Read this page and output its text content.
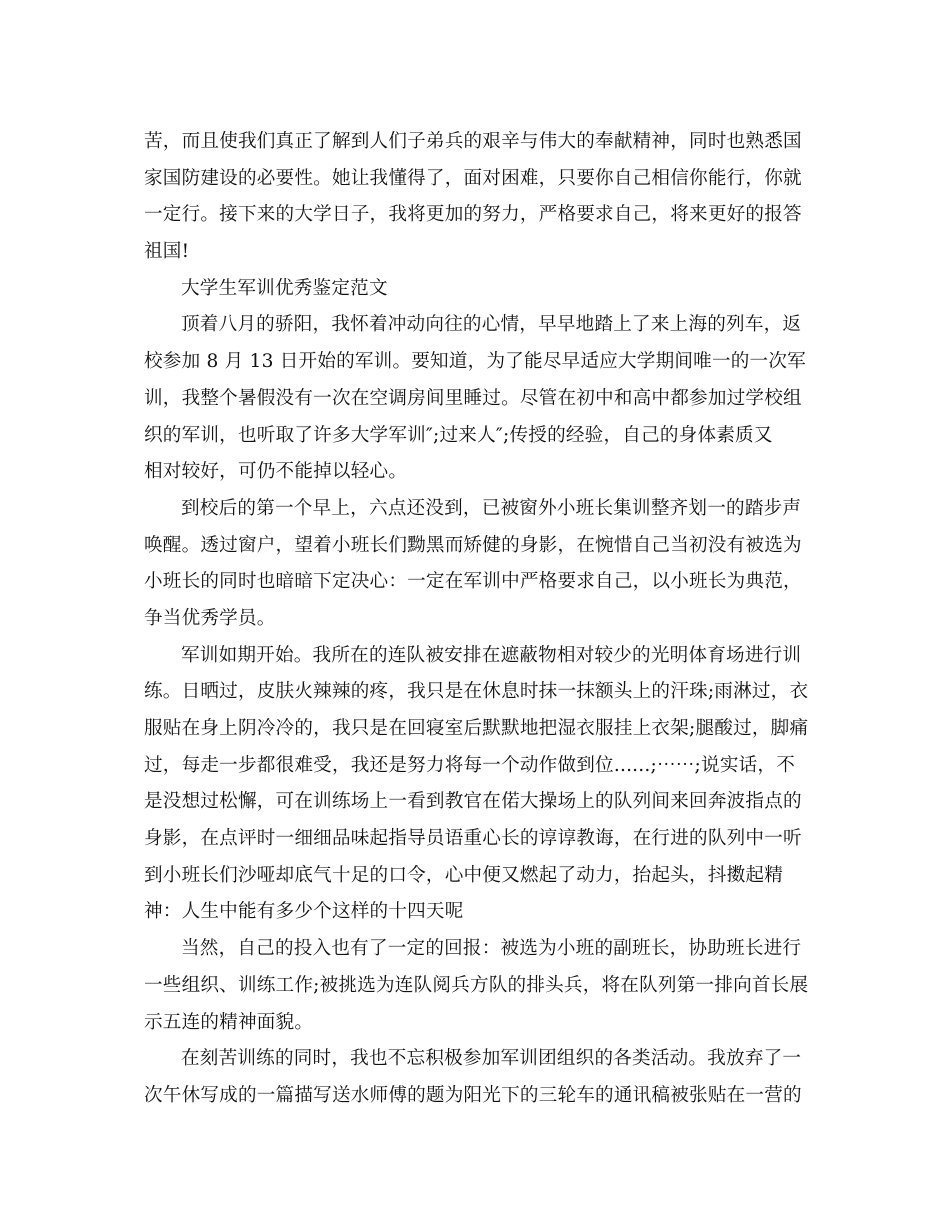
苦，而且使我们真正了解到人们子弟兵的艰辛与伟大的奉献精神，同时也熟悉国
家国防建设的必要性。她让我懂得了，面对困难，只要你自己相信你能行，你就
一定行。接下来的大学日子，我将更加的努力，严格要求自己，将来更好的报答
祖国!
大学生军训优秀鉴定范文
顶着八月的骄阳，我怀着冲动向往的心情，早早地踏上了来上海的列车，返
校参加 8 月 13 日开始的军训。要知道，为了能尽早适应大学期间唯一的一次军
训，我整个暑假没有一次在空调房间里睡过。尽管在初中和高中都参加过学校组
织的军训，也听取了许多大学军训″;过来人″;传授的经验，自己的身体素质又
相对较好，可仍不能掉以轻心。
到校后的第一个早上，六点还没到，已被窗外小班长集训整齐划一的踏步声
唤醒。透过窗户，望着小班长们黝黑而矫健的身影，在惋惜自己当初没有被选为
小班长的同时也暗暗下定决心：一定在军训中严格要求自己，以小班长为典范，
争当优秀学员。
军训如期开始。我所在的连队被安排在遮蔽物相对较少的光明体育场进行训
练。日晒过，皮肤火辣辣的疼，我只是在休息时抹一抹额头上的汗珠;雨淋过，衣
服贴在身上阴冷冷的，我只是在回寝室后默默地把湿衣服挂上衣架;腿酸过，脚痛
过，每走一步都很难受，我还是努力将每一个动作做到位......;⋯⋯;说实话，不
是没想过松懈，可在训练场上一看到教官在偌大操场上的队列间来回奔波指点的
身影，在点评时一细细品味起指导员语重心长的谆谆教诲，在行进的队列中一听
到小班长们沙哑却底气十足的口令，心中便又燃起了动力，抬起头，抖擞起精
神：人生中能有多少个这样的十四天呢
当然，自己的投入也有了一定的回报：被选为小班的副班长，协助班长进行
一些组织、训练工作;被挑选为连队阅兵方队的排头兵，将在队列第一排向首长展
示五连的精神面貌。
在刻苦训练的同时，我也不忘积极参加军训团组织的各类活动。我放弃了一
次午休写成的一篇描写送水师傅的题为阳光下的三轮车的通讯稿被张贴在一营的
